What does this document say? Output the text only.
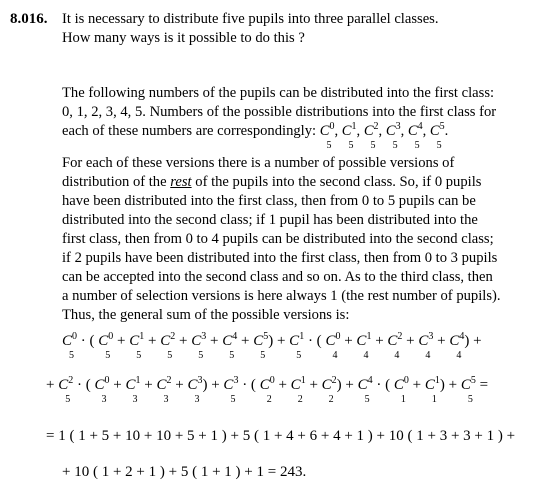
8.016. It is necessary to distribute five pupils into three parallel classes.
How many ways is it possible to do this ?
The following numbers of the pupils can be distributed into the first class:
0, 1, 2, 3, 4, 5. Numbers of the possible distributions into the first class for
each of these numbers are correspondingly: $C^05$, $C^15$, $C^25$, $C^35$, $C^45$, $C^55$.
For each of these versions there is a number of possible versions of
distribution of the rest of the pupils into the second class. So, if 0 pupils
have been distributed into the first class, then from 0 to 5 pupils can be
distributed into the second class; if 1 pupil has been distributed into the
first class, then from 0 to 4 pupils can be distributed into the second class;
if 2 pupils have been distributed into the first class, then from 0 to 3 pupils
can be accepted into the second class and so on. As to the third class, then
a number of selection versions is here always 1 (the rest number of pupils).
Thus, the general sum of the possible versions is:
$C^05$ · ( $C^05 + C^15 + C^25 + C^35 + C^45 + C^55) + C^15$ · ( $C^04 + C^14 + C^24 + C^34 + C^44$) +
+ $C^25$ · ( $C^03 + C^13 + C^23 + C^33) + C^35$ · ( $C^02 + C^12 + C^22) + C^45$ · ( $C^01 + C^11) + C^55$ =
= 1 ( 1 + 5 + 10 + 10 + 5 + 1 ) + 5 ( 1 + 4 + 6 + 4 + 1 ) + 10 ( 1 + 3 + 3 + 1 ) +
+ 10 ( 1 + 2 + 1 ) + 5 ( 1 + 1 ) + 1 = 243.
